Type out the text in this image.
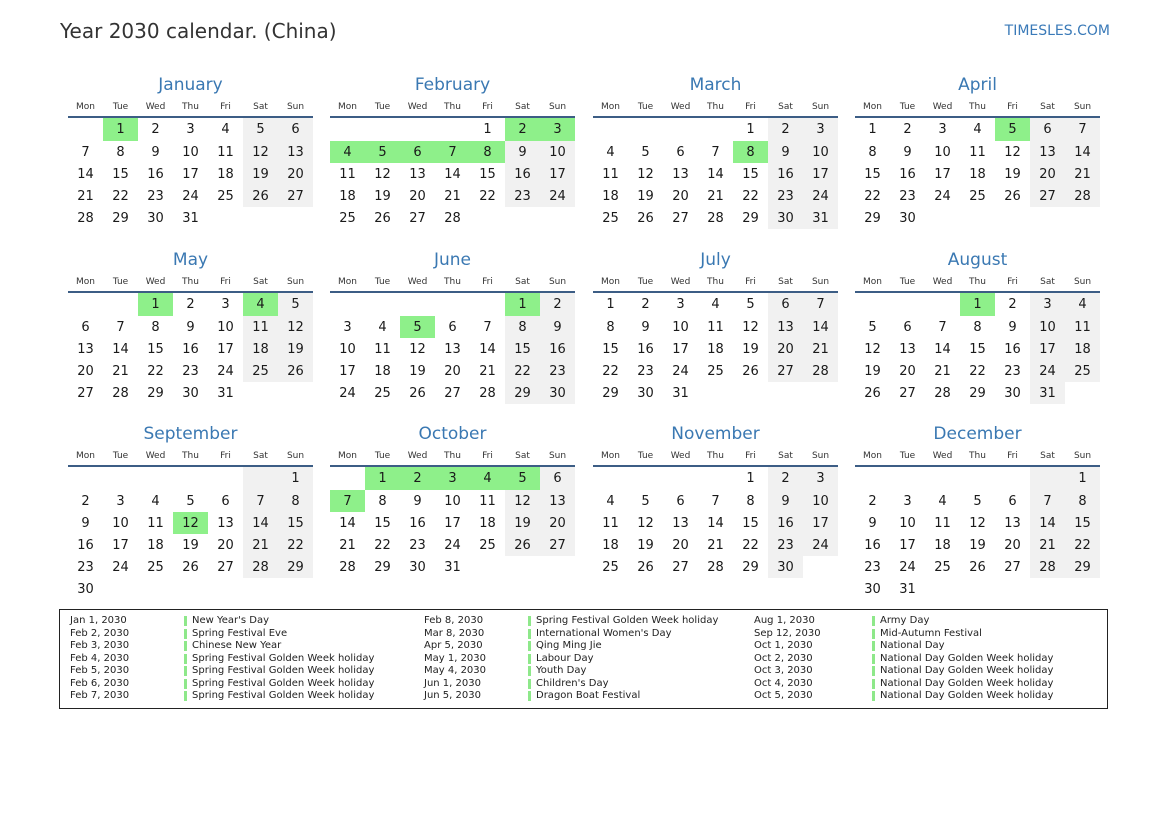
Year 2030 calendar. (China)	TIMESLES.COM
January
Mon	Tue	Wed	Thu	Fri	Sat	Sun
	1	2	3	4	5	6
7	8	9	10	11	12	13
14	15	16	17	18	19	20
21	22	23	24	25	26	27
28	29	30	31			
February
Mon	Tue	Wed	Thu	Fri	Sat	Sun
				1	2	3
4	5	6	7	8	9	10
11	12	13	14	15	16	17
18	19	20	21	22	23	24
25	26	27	28			
March
Mon	Tue	Wed	Thu	Fri	Sat	Sun
				1	2	3
4	5	6	7	8	9	10
11	12	13	14	15	16	17
18	19	20	21	22	23	24
25	26	27	28	29	30	31
April
Mon	Tue	Wed	Thu	Fri	Sat	Sun
1	2	3	4	5	6	7
8	9	10	11	12	13	14
15	16	17	18	19	20	21
22	23	24	25	26	27	28
29	30					
May
Mon	Tue	Wed	Thu	Fri	Sat	Sun
		1	2	3	4	5
6	7	8	9	10	11	12
13	14	15	16	17	18	19
20	21	22	23	24	25	26
27	28	29	30	31		
June
Mon	Tue	Wed	Thu	Fri	Sat	Sun
					1	2
3	4	5	6	7	8	9
10	11	12	13	14	15	16
17	18	19	20	21	22	23
24	25	26	27	28	29	30
July
Mon	Tue	Wed	Thu	Fri	Sat	Sun
1	2	3	4	5	6	7
8	9	10	11	12	13	14
15	16	17	18	19	20	21
22	23	24	25	26	27	28
29	30	31				
August
Mon	Tue	Wed	Thu	Fri	Sat	Sun
			1	2	3	4
5	6	7	8	9	10	11
12	13	14	15	16	17	18
19	20	21	22	23	24	25
26	27	28	29	30	31	
September
Mon	Tue	Wed	Thu	Fri	Sat	Sun
						1
2	3	4	5	6	7	8
9	10	11	12	13	14	15
16	17	18	19	20	21	22
23	24	25	26	27	28	29
30						
October
Mon	Tue	Wed	Thu	Fri	Sat	Sun
	1	2	3	4	5	6
7	8	9	10	11	12	13
14	15	16	17	18	19	20
21	22	23	24	25	26	27
28	29	30	31			
November
Mon	Tue	Wed	Thu	Fri	Sat	Sun
				1	2	3
4	5	6	7	8	9	10
11	12	13	14	15	16	17
18	19	20	21	22	23	24
25	26	27	28	29	30	
December
Mon	Tue	Wed	Thu	Fri	Sat	Sun
						1
2	3	4	5	6	7	8
9	10	11	12	13	14	15
16	17	18	19	20	21	22
23	24	25	26	27	28	29
30	31					
Jan 1, 2030	New Year's Day
Feb 2, 2030	Spring Festival Eve
Feb 3, 2030	Chinese New Year
Feb 4, 2030	Spring Festival Golden Week holiday
Feb 5, 2030	Spring Festival Golden Week holiday
Feb 6, 2030	Spring Festival Golden Week holiday
Feb 7, 2030	Spring Festival Golden Week holiday
Feb 8, 2030	Spring Festival Golden Week holiday
Mar 8, 2030	International Women's Day
Apr 5, 2030	Qing Ming Jie
May 1, 2030	Labour Day
May 4, 2030	Youth Day
Jun 1, 2030	Children's Day
Jun 5, 2030	Dragon Boat Festival
Aug 1, 2030	Army Day
Sep 12, 2030	Mid-Autumn Festival
Oct 1, 2030	National Day
Oct 2, 2030	National Day Golden Week holiday
Oct 3, 2030	National Day Golden Week holiday
Oct 4, 2030	National Day Golden Week holiday
Oct 5, 2030	National Day Golden Week holiday
